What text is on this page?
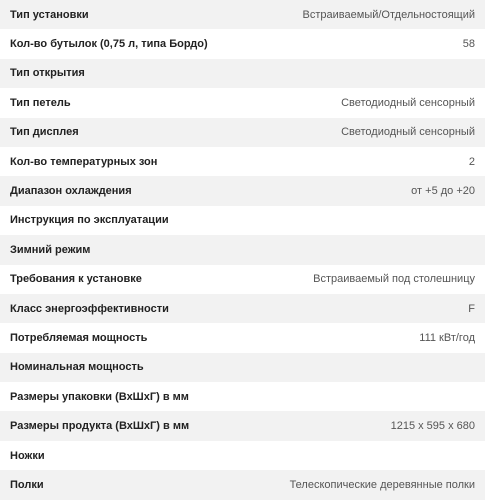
Тип установки	Встраиваемый/Отдельностоящий
Кол-во бутылок (0,75 л, типа Бордо)	58
Тип открытия	
Тип петель	Светодиодный сенсорный
Тип дисплея	Светодиодный сенсорный
Кол-во температурных зон	2
Диапазон охлаждения	от +5 до +20
Инструкция по эксплуатации	
Зимний режим	
Требования к установке	Встраиваемый под столешницу
Класс энергоэффективности	F
Потребляемая мощность	111 кВт/год
Номинальная мощность	
Размеры упаковки (ВхШхГ) в мм	
Размеры продукта (ВхШхГ) в мм	1215 x 595 x 680
Ножки	
Полки	Телескопические деревянные полки
